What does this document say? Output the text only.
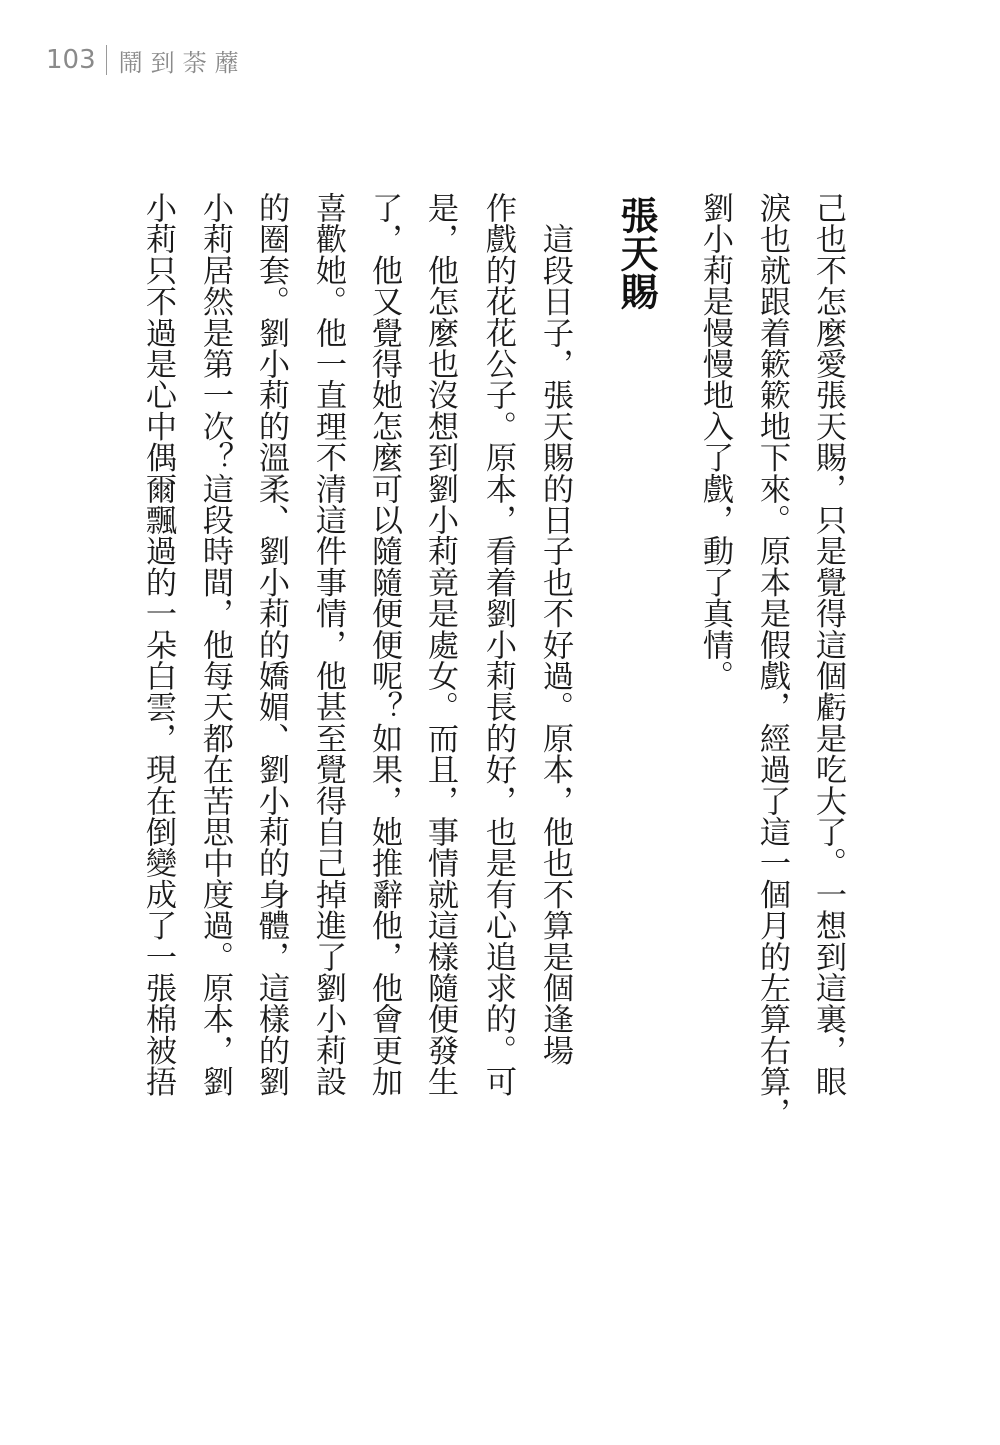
103 鬧到荼蘼
己也不怎麼愛張天賜，只是覺得這個虧是吃大了。一想到這裏，眼
淚也就跟着簌簌地下來。原本是假戲，經過了這一個月的左算右算，
劉小莉是慢慢地入了戲，動了真情。
張天賜
　這段日子，張天賜的日子也不好過。原本，他也不算是個逢場
作戲的花花公子。原本，看着劉小莉長的好，也是有心追求的。可
是，他怎麼也沒想到劉小莉竟是處女。而且，事情就這樣隨便發生
了，他又覺得她怎麼可以隨隨便便呢？如果，她推辭他，他會更加
喜歡她。他一直理不清這件事情，他甚至覺得自己掉進了劉小莉設
的圈套。劉小莉的溫柔、劉小莉的嬌媚、劉小莉的身體，這樣的劉
小莉居然是第一次？這段時間，他每天都在苦思中度過。原本，劉
小莉只不過是心中偶爾飄過的一朵白雲，現在倒變成了一張棉被捂
